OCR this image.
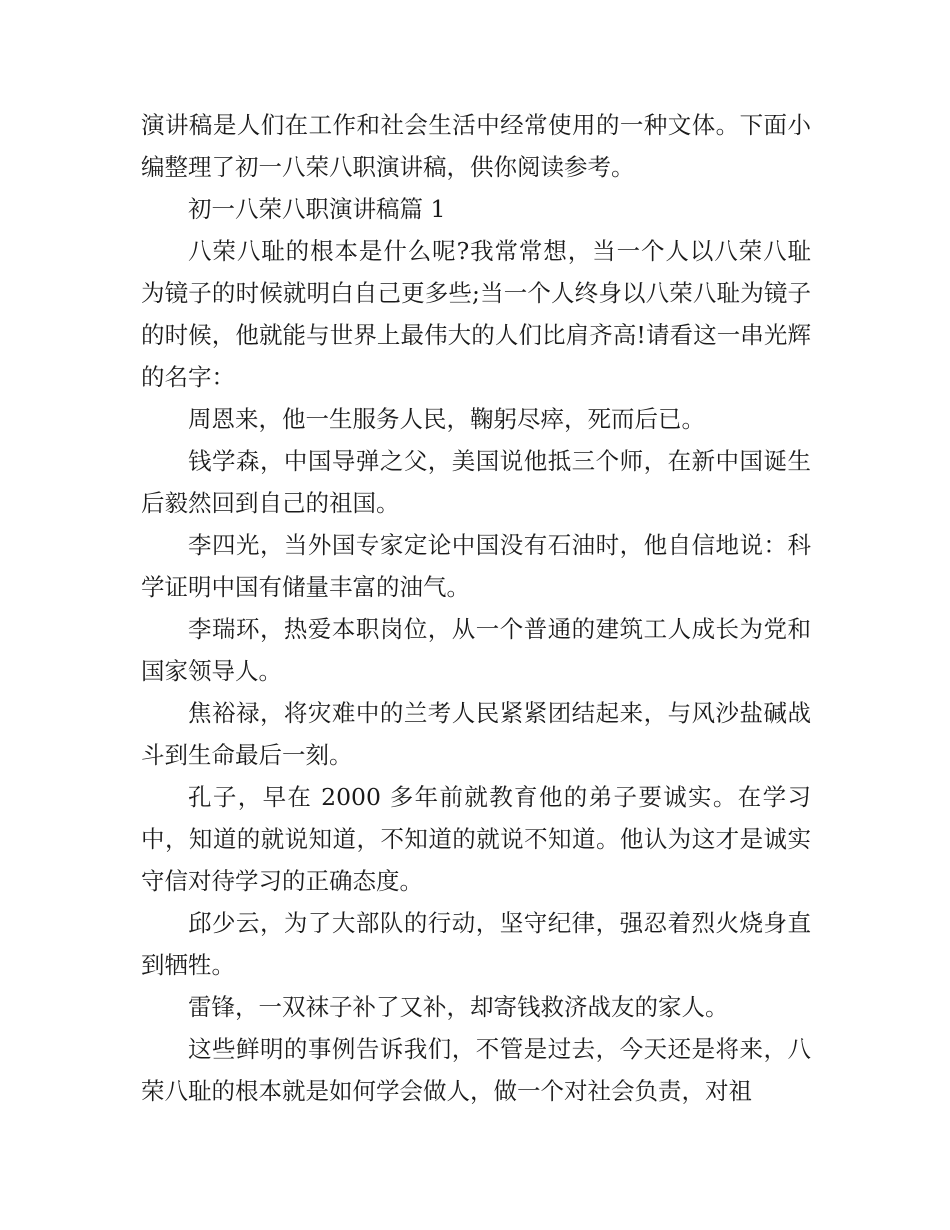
演讲稿是人们在工作和社会生活中经常使用的一种文体。下面小编整理了初一八荣八职演讲稿，供你阅读参考。

初一八荣八职演讲稿篇 1

八荣八耻的根本是什么呢?我常常想，当一个人以八荣八耻为镜子的时候就明白自己更多些;当一个人终身以八荣八耻为镜子的时候，他就能与世界上最伟大的人们比肩齐高!请看这一串光辉的名字：

周恩来，他一生服务人民，鞠躬尽瘁，死而后已。

钱学森，中国导弹之父，美国说他抵三个师，在新中国诞生后毅然回到自己的祖国。

李四光，当外国专家定论中国没有石油时，他自信地说：科学证明中国有储量丰富的油气。

李瑞环，热爱本职岗位，从一个普通的建筑工人成长为党和国家领导人。

焦裕禄，将灾难中的兰考人民紧紧团结起来，与风沙盐碱战斗到生命最后一刻。

孔子，早在 2000 多年前就教育他的弟子要诚实。在学习中，知道的就说知道，不知道的就说不知道。他认为这才是诚实守信对待学习的正确态度。

邱少云，为了大部队的行动，坚守纪律，强忍着烈火烧身直到牺牲。

雷锋，一双袜子补了又补，却寄钱救济战友的家人。

这些鲜明的事例告诉我们，不管是过去，今天还是将来，八荣八耻的根本就是如何学会做人，做一个对社会负责，对祖
